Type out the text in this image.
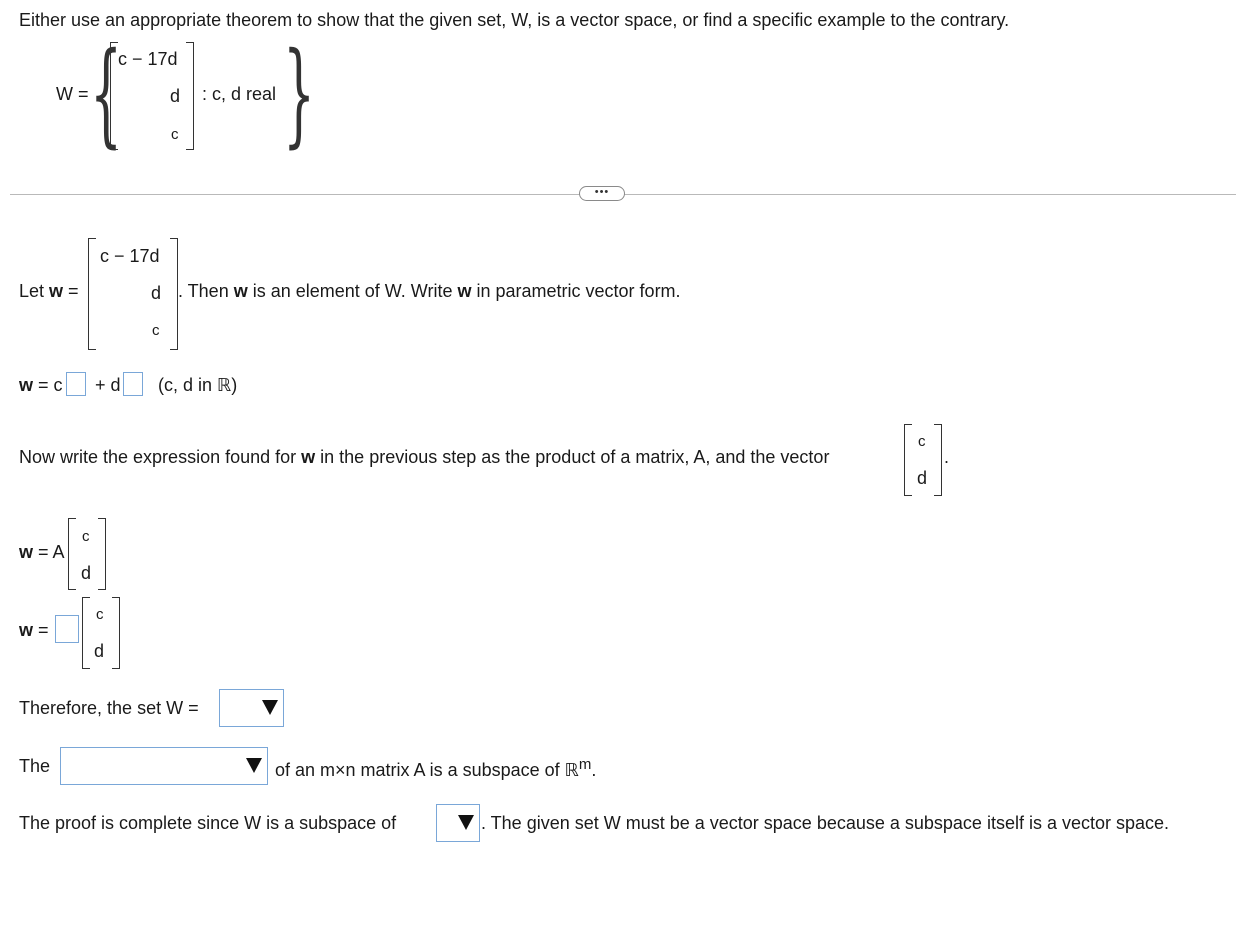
Either use an appropriate theorem to show that the given set, W, is a vector space, or find a specific example to the contrary.
W = {
c − 17d
d
c
: c, d real }
•••
Let w =
c − 17d
d
c
. Then w is an element of W. Write w in parametric vector form.
w = c + d (c, d in ℝ)
Now write the expression found for w in the previous step as the product of a matrix, A, and the vector
c
d
.
w = A
c
d
w =
c
d
Therefore, the set W =
The	of an m×n matrix A is a subspace of ℝ$^m$.
The proof is complete since W is a subspace of	. The given set W must be a vector space because a subspace itself is a vector space.
